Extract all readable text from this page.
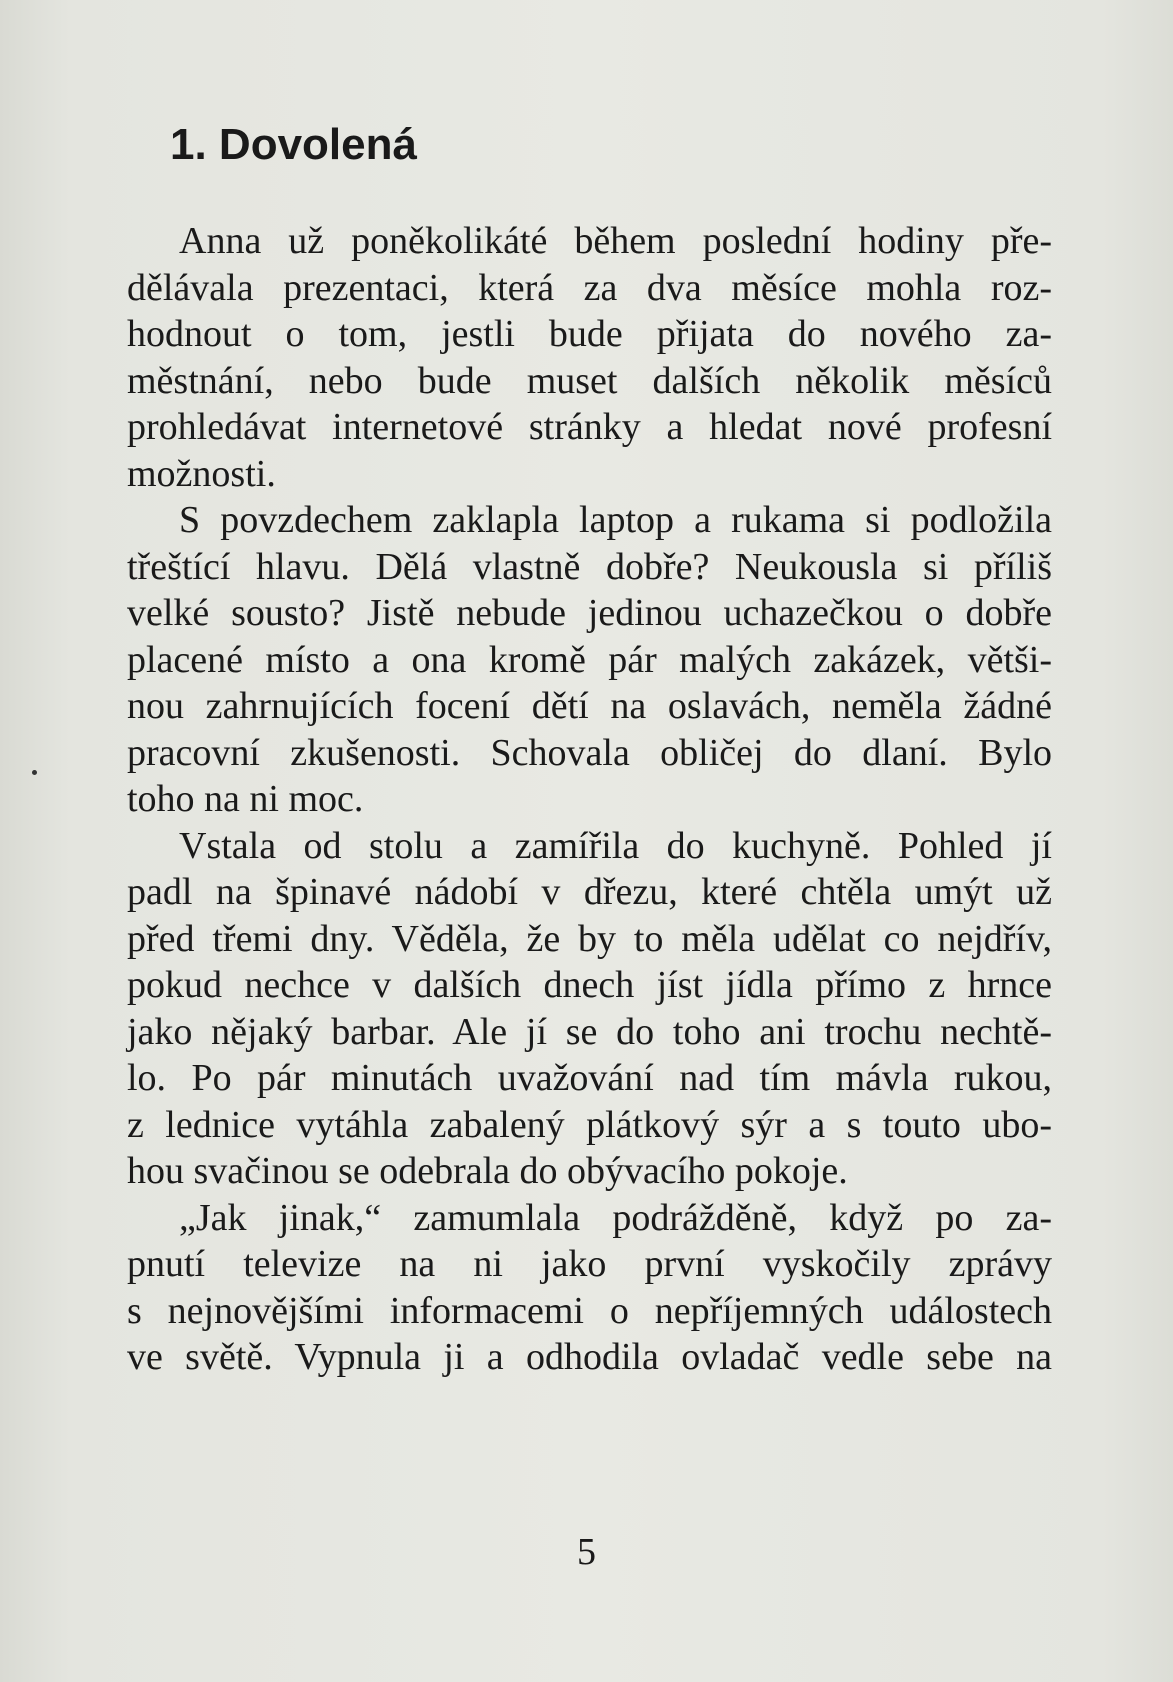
1. Dovolená
Anna už poněkolikáté během poslední hodiny pře-
dělávala prezentaci, která za dva měsíce mohla roz-
hodnout o tom, jestli bude přijata do nového za-
městnání, nebo bude muset dalších několik měsíců
prohledávat internetové stránky a hledat nové profesní
možnosti.
S povzdechem zaklapla laptop a rukama si podložila
třeštící hlavu. Dělá vlastně dobře? Neukousla si příliš
velké sousto? Jistě nebude jedinou uchazečkou o dobře
placené místo a ona kromě pár malých zakázek, větši-
nou zahrnujících focení dětí na oslavách, neměla žádné
pracovní zkušenosti. Schovala obličej do dlaní. Bylo
toho na ni moc.
Vstala od stolu a zamířila do kuchyně. Pohled jí
padl na špinavé nádobí v dřezu, které chtěla umýt už
před třemi dny. Věděla, že by to měla udělat co nejdřív,
pokud nechce v dalších dnech jíst jídla přímo z hrnce
jako nějaký barbar. Ale jí se do toho ani trochu nechtě-
lo. Po pár minutách uvažování nad tím mávla rukou,
z lednice vytáhla zabalený plátkový sýr a s touto ubo-
hou svačinou se odebrala do obývacího pokoje.
„Jak jinak,“ zamumlala podrážděně, když po za-
pnutí televize na ni jako první vyskočily zprávy
s nejnovějšími informacemi o nepříjemných událostech
ve světě. Vypnula ji a odhodila ovladač vedle sebe na
5
